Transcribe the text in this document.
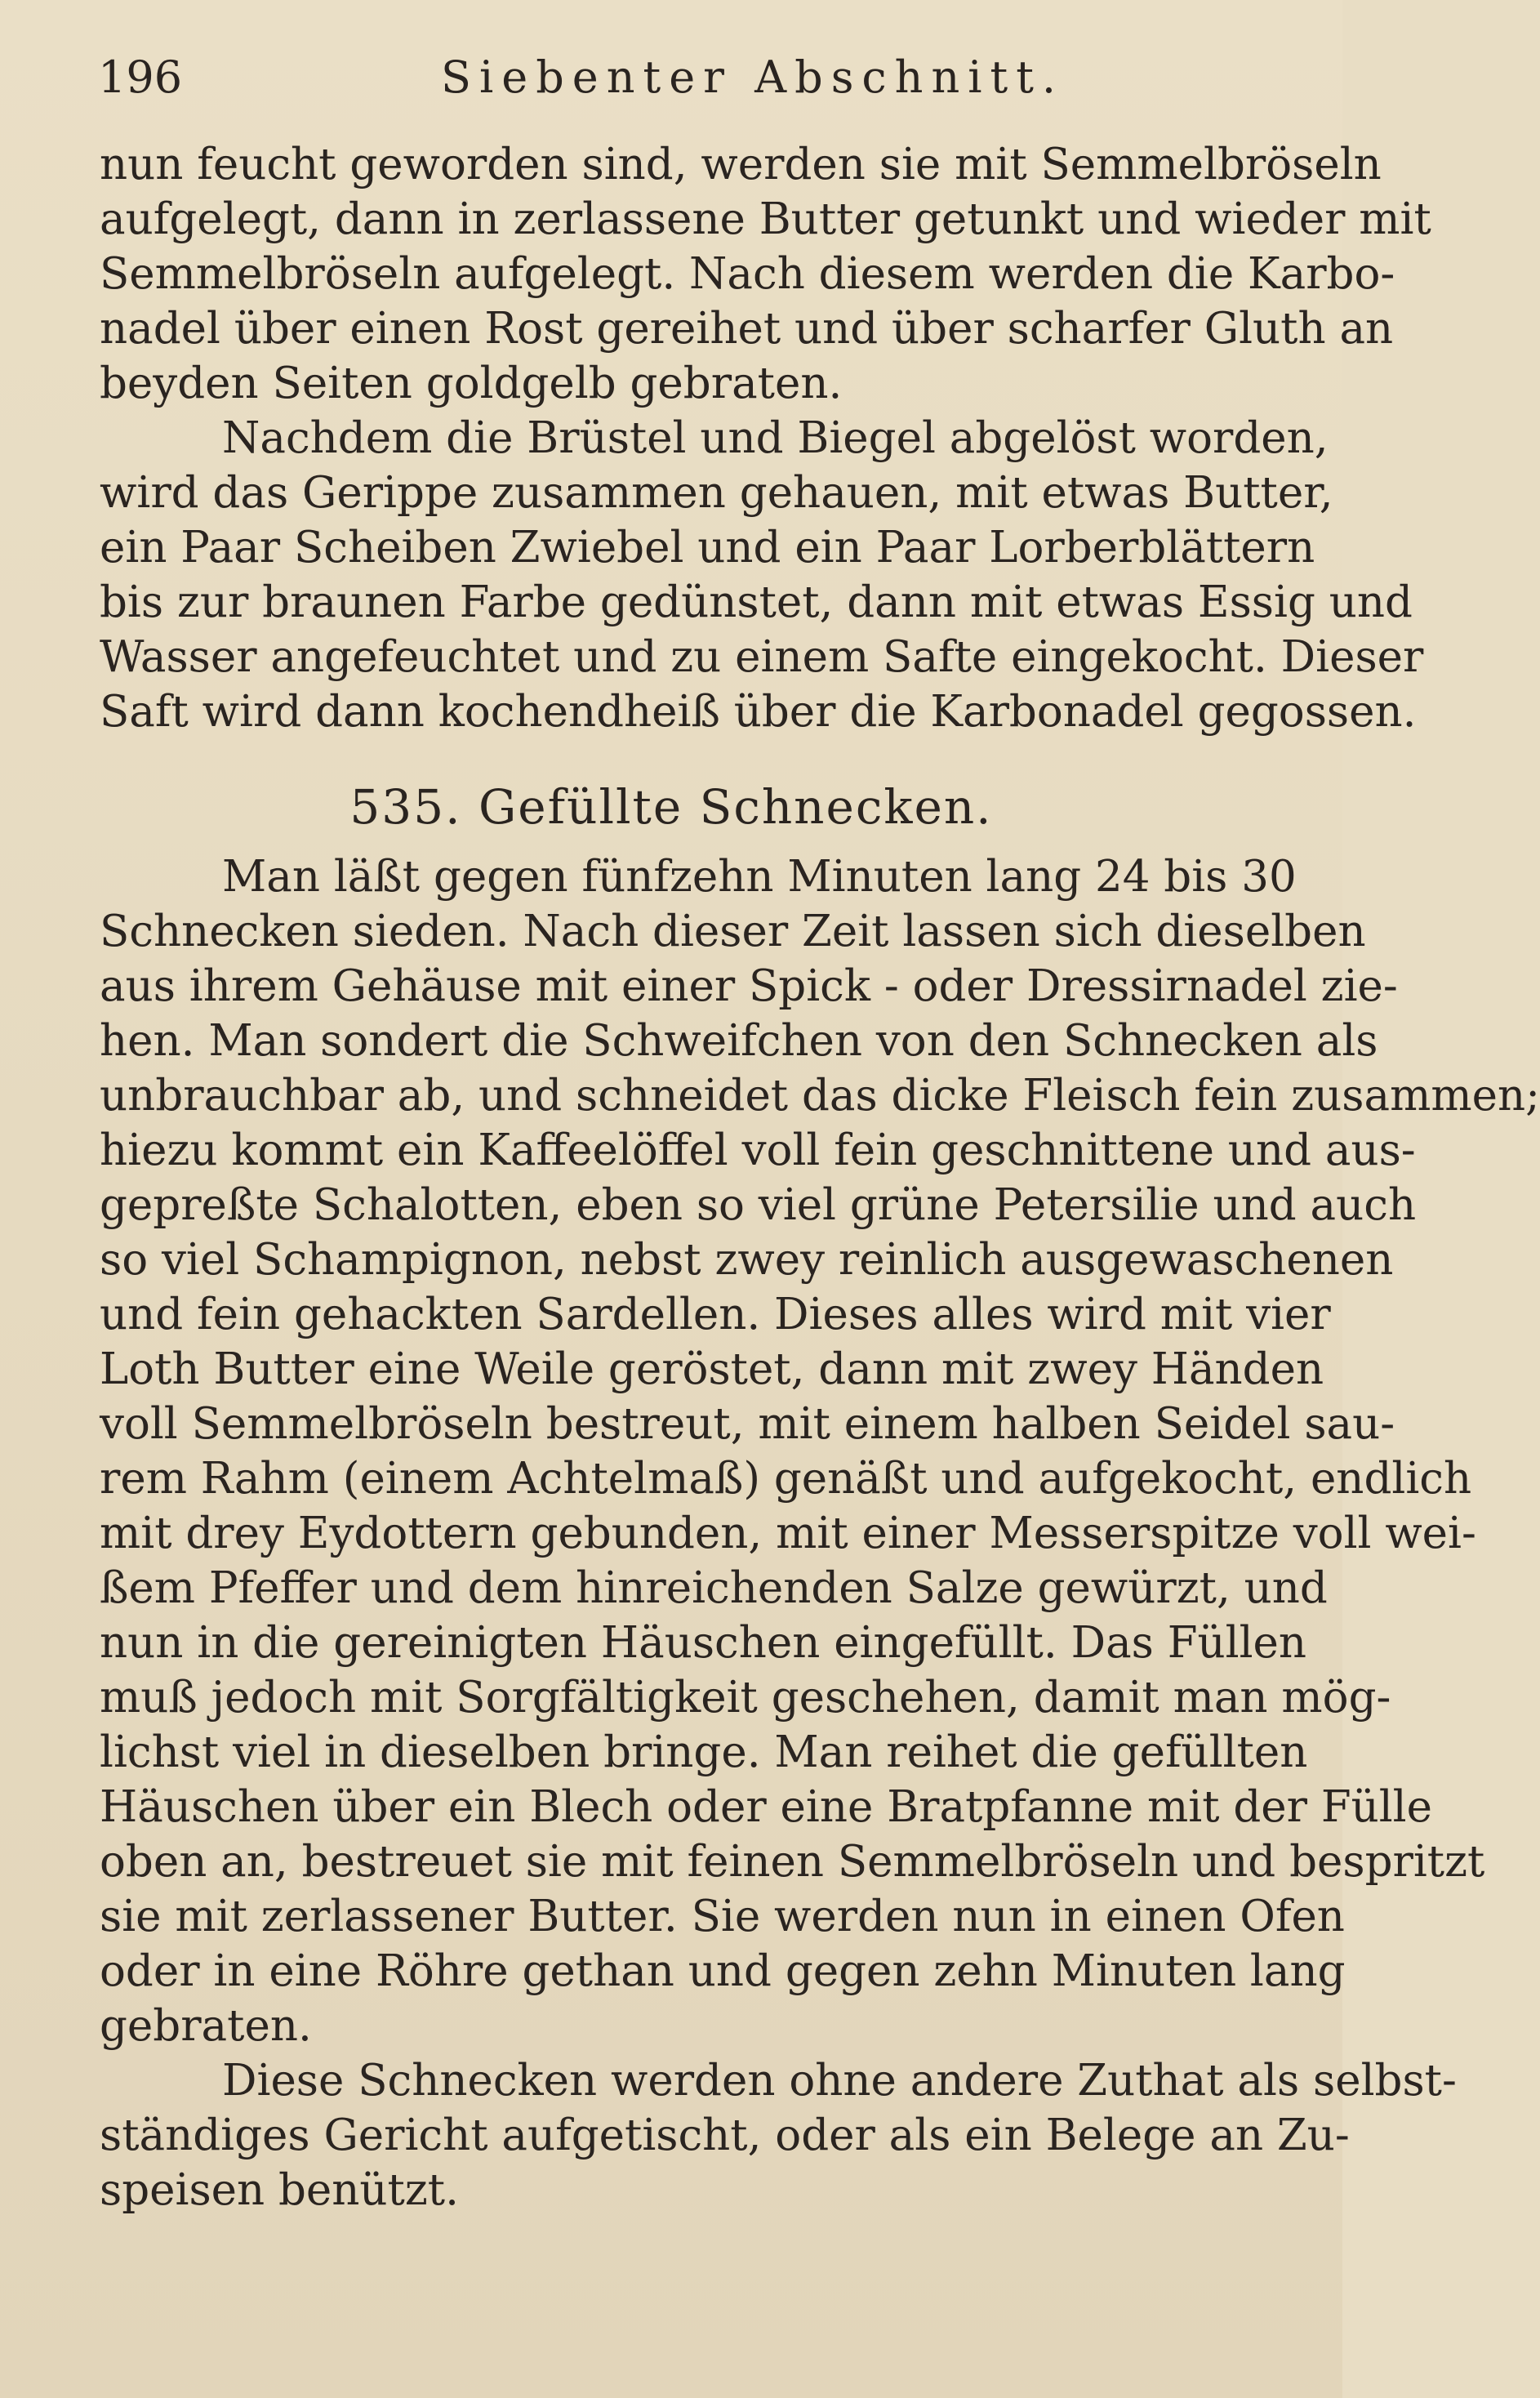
196	Siebenter Abschnitt.
nun feucht geworden sind, werden sie mit Semmelbröseln
aufgelegt, dann in zerlassene Butter getunkt und wieder mit
Semmelbröseln aufgelegt. Nach diesem werden die Karbo-
nadel über einen Rost gereihet und über scharfer Gluth an
beyden Seiten goldgelb gebraten.
Nachdem die Brüstel und Biegel abgelöst worden,
wird das Gerippe zusammen gehauen, mit etwas Butter,
ein Paar Scheiben Zwiebel und ein Paar Lorberblättern
bis zur braunen Farbe gedünstet, dann mit etwas Essig und
Wasser angefeuchtet und zu einem Safte eingekocht. Dieser
Saft wird dann kochendheiß über die Karbonadel gegossen.
535. Gefüllte Schnecken.
Man läßt gegen fünfzehn Minuten lang 24 bis 30
Schnecken sieden. Nach dieser Zeit lassen sich dieselben
aus ihrem Gehäuse mit einer Spick - oder Dressirnadel zie-
hen. Man sondert die Schweifchen von den Schnecken als
unbrauchbar ab, und schneidet das dicke Fleisch fein zusammen;
hiezu kommt ein Kaffeelöffel voll fein geschnittene und aus-
gepreßte Schalotten, eben so viel grüne Petersilie und auch
so viel Schampignon, nebst zwey reinlich ausgewaschenen
und fein gehackten Sardellen. Dieses alles wird mit vier
Loth Butter eine Weile geröstet, dann mit zwey Händen
voll Semmelbröseln bestreut, mit einem halben Seidel sau-
rem Rahm (einem Achtelmaß) genäßt und aufgekocht, endlich
mit drey Eydottern gebunden, mit einer Messerspitze voll wei-
ßem Pfeffer und dem hinreichenden Salze gewürzt, und
nun in die gereinigten Häuschen eingefüllt. Das Füllen
muß jedoch mit Sorgfältigkeit geschehen, damit man mög-
lichst viel in dieselben bringe. Man reihet die gefüllten
Häuschen über ein Blech oder eine Bratpfanne mit der Fülle
oben an, bestreuet sie mit feinen Semmelbröseln und bespritzt
sie mit zerlassener Butter. Sie werden nun in einen Ofen
oder in eine Röhre gethan und gegen zehn Minuten lang
gebraten.
Diese Schnecken werden ohne andere Zuthat als selbst-
ständiges Gericht aufgetischt, oder als ein Belege an Zu-
speisen benützt.
